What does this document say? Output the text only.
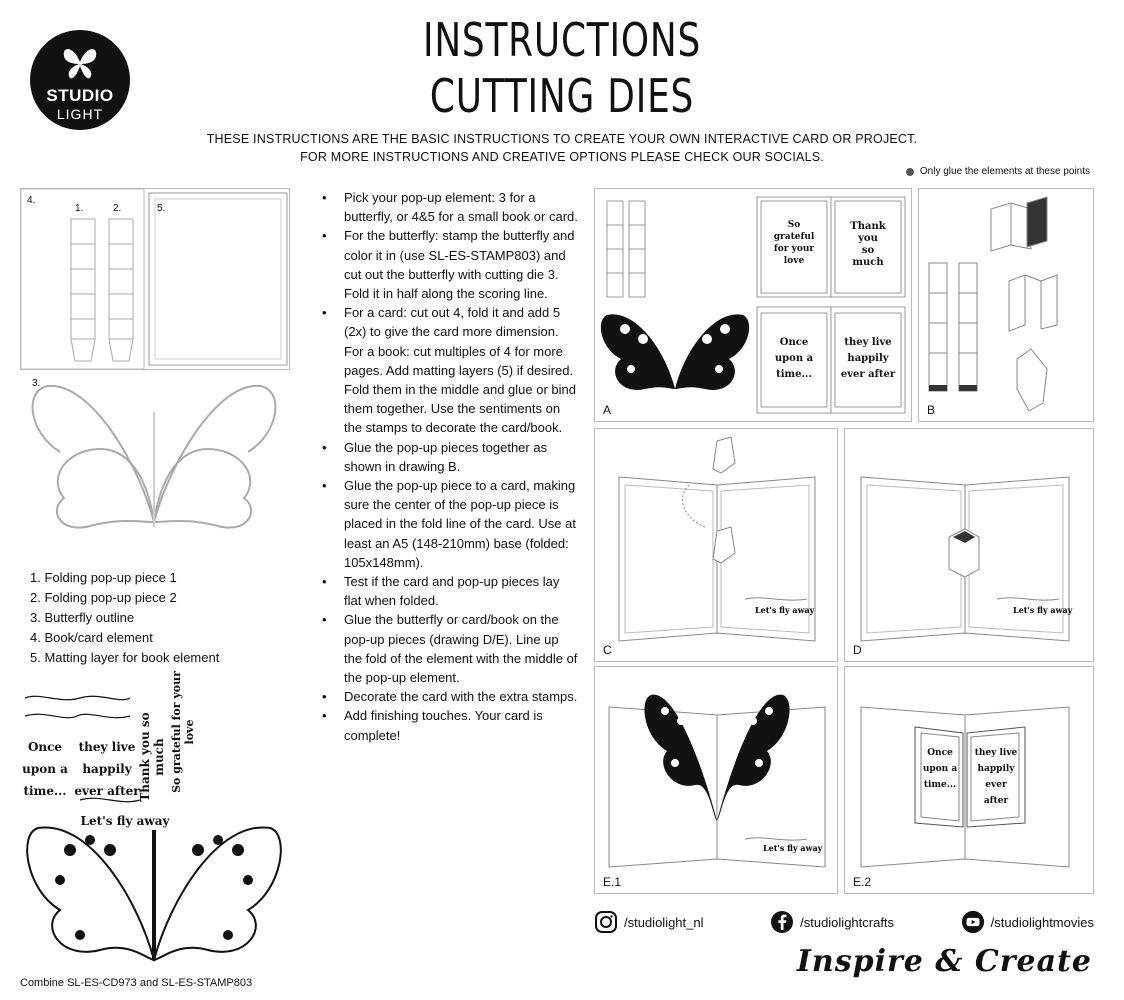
STUDIO
LIGHT
INSTRUCTIONS
CUTTING DIES
THESE INSTRUCTIONS ARE THE BASIC INSTRUCTIONS TO CREATE YOUR OWN INTERACTIVE CARD OR PROJECT.
FOR MORE INSTRUCTIONS AND CREATIVE OPTIONS PLEASE CHECK OUR SOCIALS.
Only glue the elements at these points
4.
1.	2.	5.
3.
1. Folding pop-up piece 1
2. Folding pop-up piece 2
3. Butterfly outline
4. Book/card element
5. Matting layer for book element
Once
upon a
time...
they live
happily
ever after
Thank you so much So grateful for your love
Let's fly away
Combine SL-ES-CD973 and SL-ES-STAMP803
• Pick your pop-up element: 3 for a butterfly, or 4&5 for a small book or card.
• For the butterfly: stamp the butterfly and color it in (use SL-ES-STAMP803) and cut out the butterfly with cutting die 3. Fold it in half along the scoring line.
• For a card: cut out 4, fold it and add 5 (2x) to give the card more dimension. For a book: cut multiples of 4 for more pages. Add matting layers (5) if desired. Fold them in the middle and glue or bind them together. Use the sentiments on the stamps to decorate the card/book.
• Glue the pop-up pieces together as shown in drawing B.
• Glue the pop-up piece to a card, making sure the center of the pop-up piece is placed in the fold line of the card. Use at least an A5 (148-210mm) base (folded: 105x148mm).
• Test if the card and pop-up pieces lay flat when folded.
• Glue the butterfly or card/book on the pop-up pieces (drawing D/E). Line up the fold of the element with the middle of the pop-up element.
• Decorate the card with the extra stamps.
• Add finishing touches. Your card is complete!
So
grateful
for your
love
Thank
you
so
much
Once
upon a
time...
they live
happily
ever after
A	B
Let's fly away
C
Let's fly away
D
Let's fly away
E.1
Once
upon a
time...
they live
happily
ever after
E.2
/studiolight_nl	/studiolightcrafts	/studiolightmovies
Inspire & Create
